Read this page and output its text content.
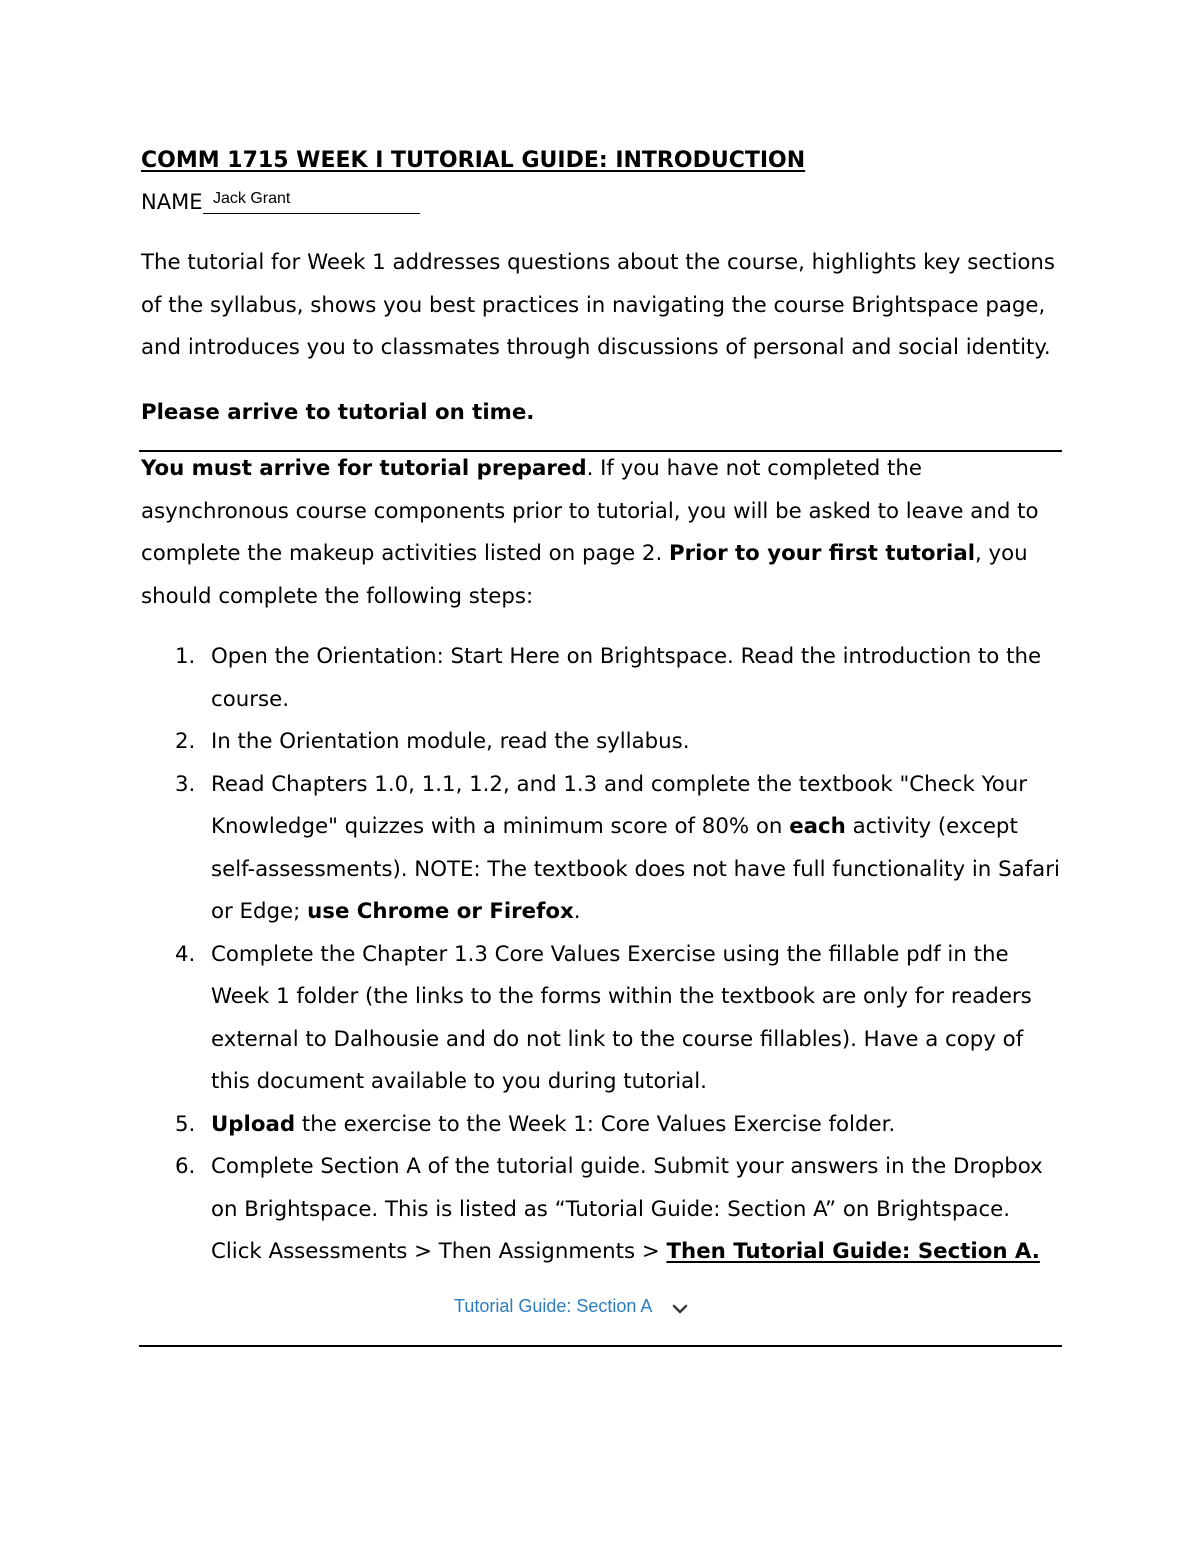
COMM 1715 WEEK I TUTORIAL GUIDE: INTRODUCTION
NAME Jack Grant
The tutorial for Week 1 addresses questions about the course, highlights key sections of the syllabus, shows you best practices in navigating the course Brightspace page, and introduces you to classmates through discussions of personal and social identity.
Please arrive to tutorial on time.
You must arrive for tutorial prepared. If you have not completed the asynchronous course components prior to tutorial, you will be asked to leave and to complete the makeup activities listed on page 2. Prior to your first tutorial, you should complete the following steps:
1. Open the Orientation: Start Here on Brightspace. Read the introduction to the course.
2. In the Orientation module, read the syllabus.
3. Read Chapters 1.0, 1.1, 1.2, and 1.3 and complete the textbook "Check Your Knowledge" quizzes with a minimum score of 80% on each activity (except self-assessments). NOTE: The textbook does not have full functionality in Safari or Edge; use Chrome or Firefox.
4. Complete the Chapter 1.3 Core Values Exercise using the fillable pdf in the Week 1 folder (the links to the forms within the textbook are only for readers external to Dalhousie and do not link to the course fillables). Have a copy of this document available to you during tutorial.
5. Upload the exercise to the Week 1: Core Values Exercise folder.
6. Complete Section A of the tutorial guide. Submit your answers in the Dropbox on Brightspace. This is listed as “Tutorial Guide: Section A” on Brightspace.
Click Assessments > Then Assignments > Then Tutorial Guide: Section A.
Tutorial Guide: Section A
